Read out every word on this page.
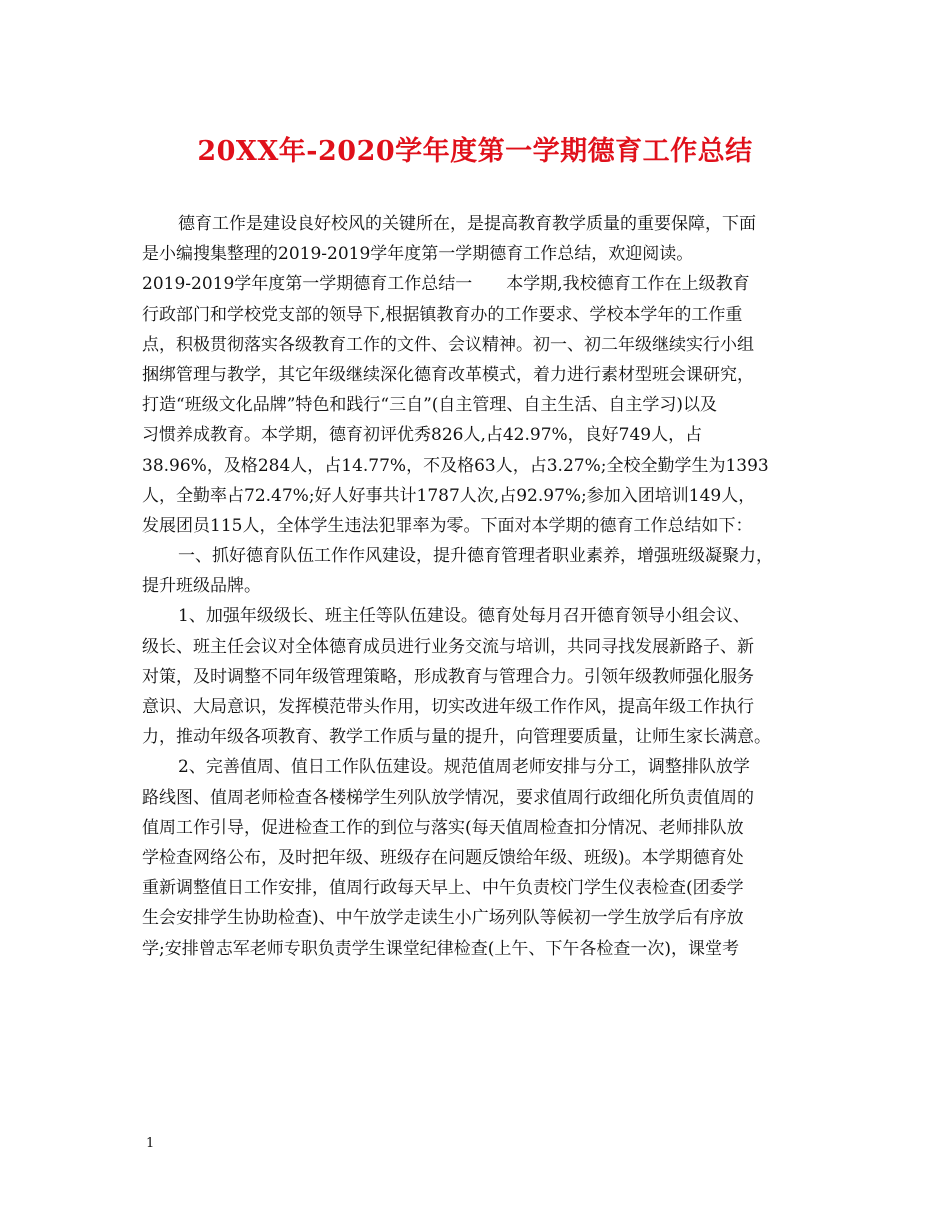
20XX年-2020学年度第一学期德育工作总结
德育工作是建设良好校风的关键所在，是提高教育教学质量的重要保障，下面
是小编搜集整理的2019-2019学年度第一学期德育工作总结，欢迎阅读。
2019-2019学年度第一学期德育工作总结一　　本学期,我校德育工作在上级教育
行政部门和学校党支部的领导下,根据镇教育办的工作要求、学校本学年的工作重
点，积极贯彻落实各级教育工作的文件、会议精神。初一、初二年级继续实行小组
捆绑管理与教学，其它年级继续深化德育改革模式，着力进行素材型班会课研究，
打造“班级文化品牌”特色和践行“三自”(自主管理、自主生活、自主学习)以及
习惯养成教育。本学期，德育初评优秀826人,占42.97%，良好749人，占
38.96%，及格284人，占14.77%，不及格63人，占3.27%;全校全勤学生为1393
人，全勤率占72.47%;好人好事共计1787人次,占92.97%;参加入团培训149人，
发展团员115人，全体学生违法犯罪率为零。下面对本学期的德育工作总结如下：
一、抓好德育队伍工作作风建设，提升德育管理者职业素养，增强班级凝聚力，
提升班级品牌。
1、加强年级级长、班主任等队伍建设。德育处每月召开德育领导小组会议、
级长、班主任会议对全体德育成员进行业务交流与培训，共同寻找发展新路子、新
对策，及时调整不同年级管理策略，形成教育与管理合力。引领年级教师强化服务
意识、大局意识，发挥模范带头作用，切实改进年级工作作风，提高年级工作执行
力，推动年级各项教育、教学工作质与量的提升，向管理要质量，让师生家长满意。
2、完善值周、值日工作队伍建设。规范值周老师安排与分工，调整排队放学
路线图、值周老师检查各楼梯学生列队放学情况，要求值周行政细化所负责值周的
值周工作引导，促进检查工作的到位与落实(每天值周检查扣分情况、老师排队放
学检查网络公布，及时把年级、班级存在问题反馈给年级、班级)。本学期德育处
重新调整值日工作安排，值周行政每天早上、中午负责校门学生仪表检查(团委学
生会安排学生协助检查)、中午放学走读生小广场列队等候初一学生放学后有序放
学;安排曾志军老师专职负责学生课堂纪律检查(上午、下午各检查一次)，课堂考
1
